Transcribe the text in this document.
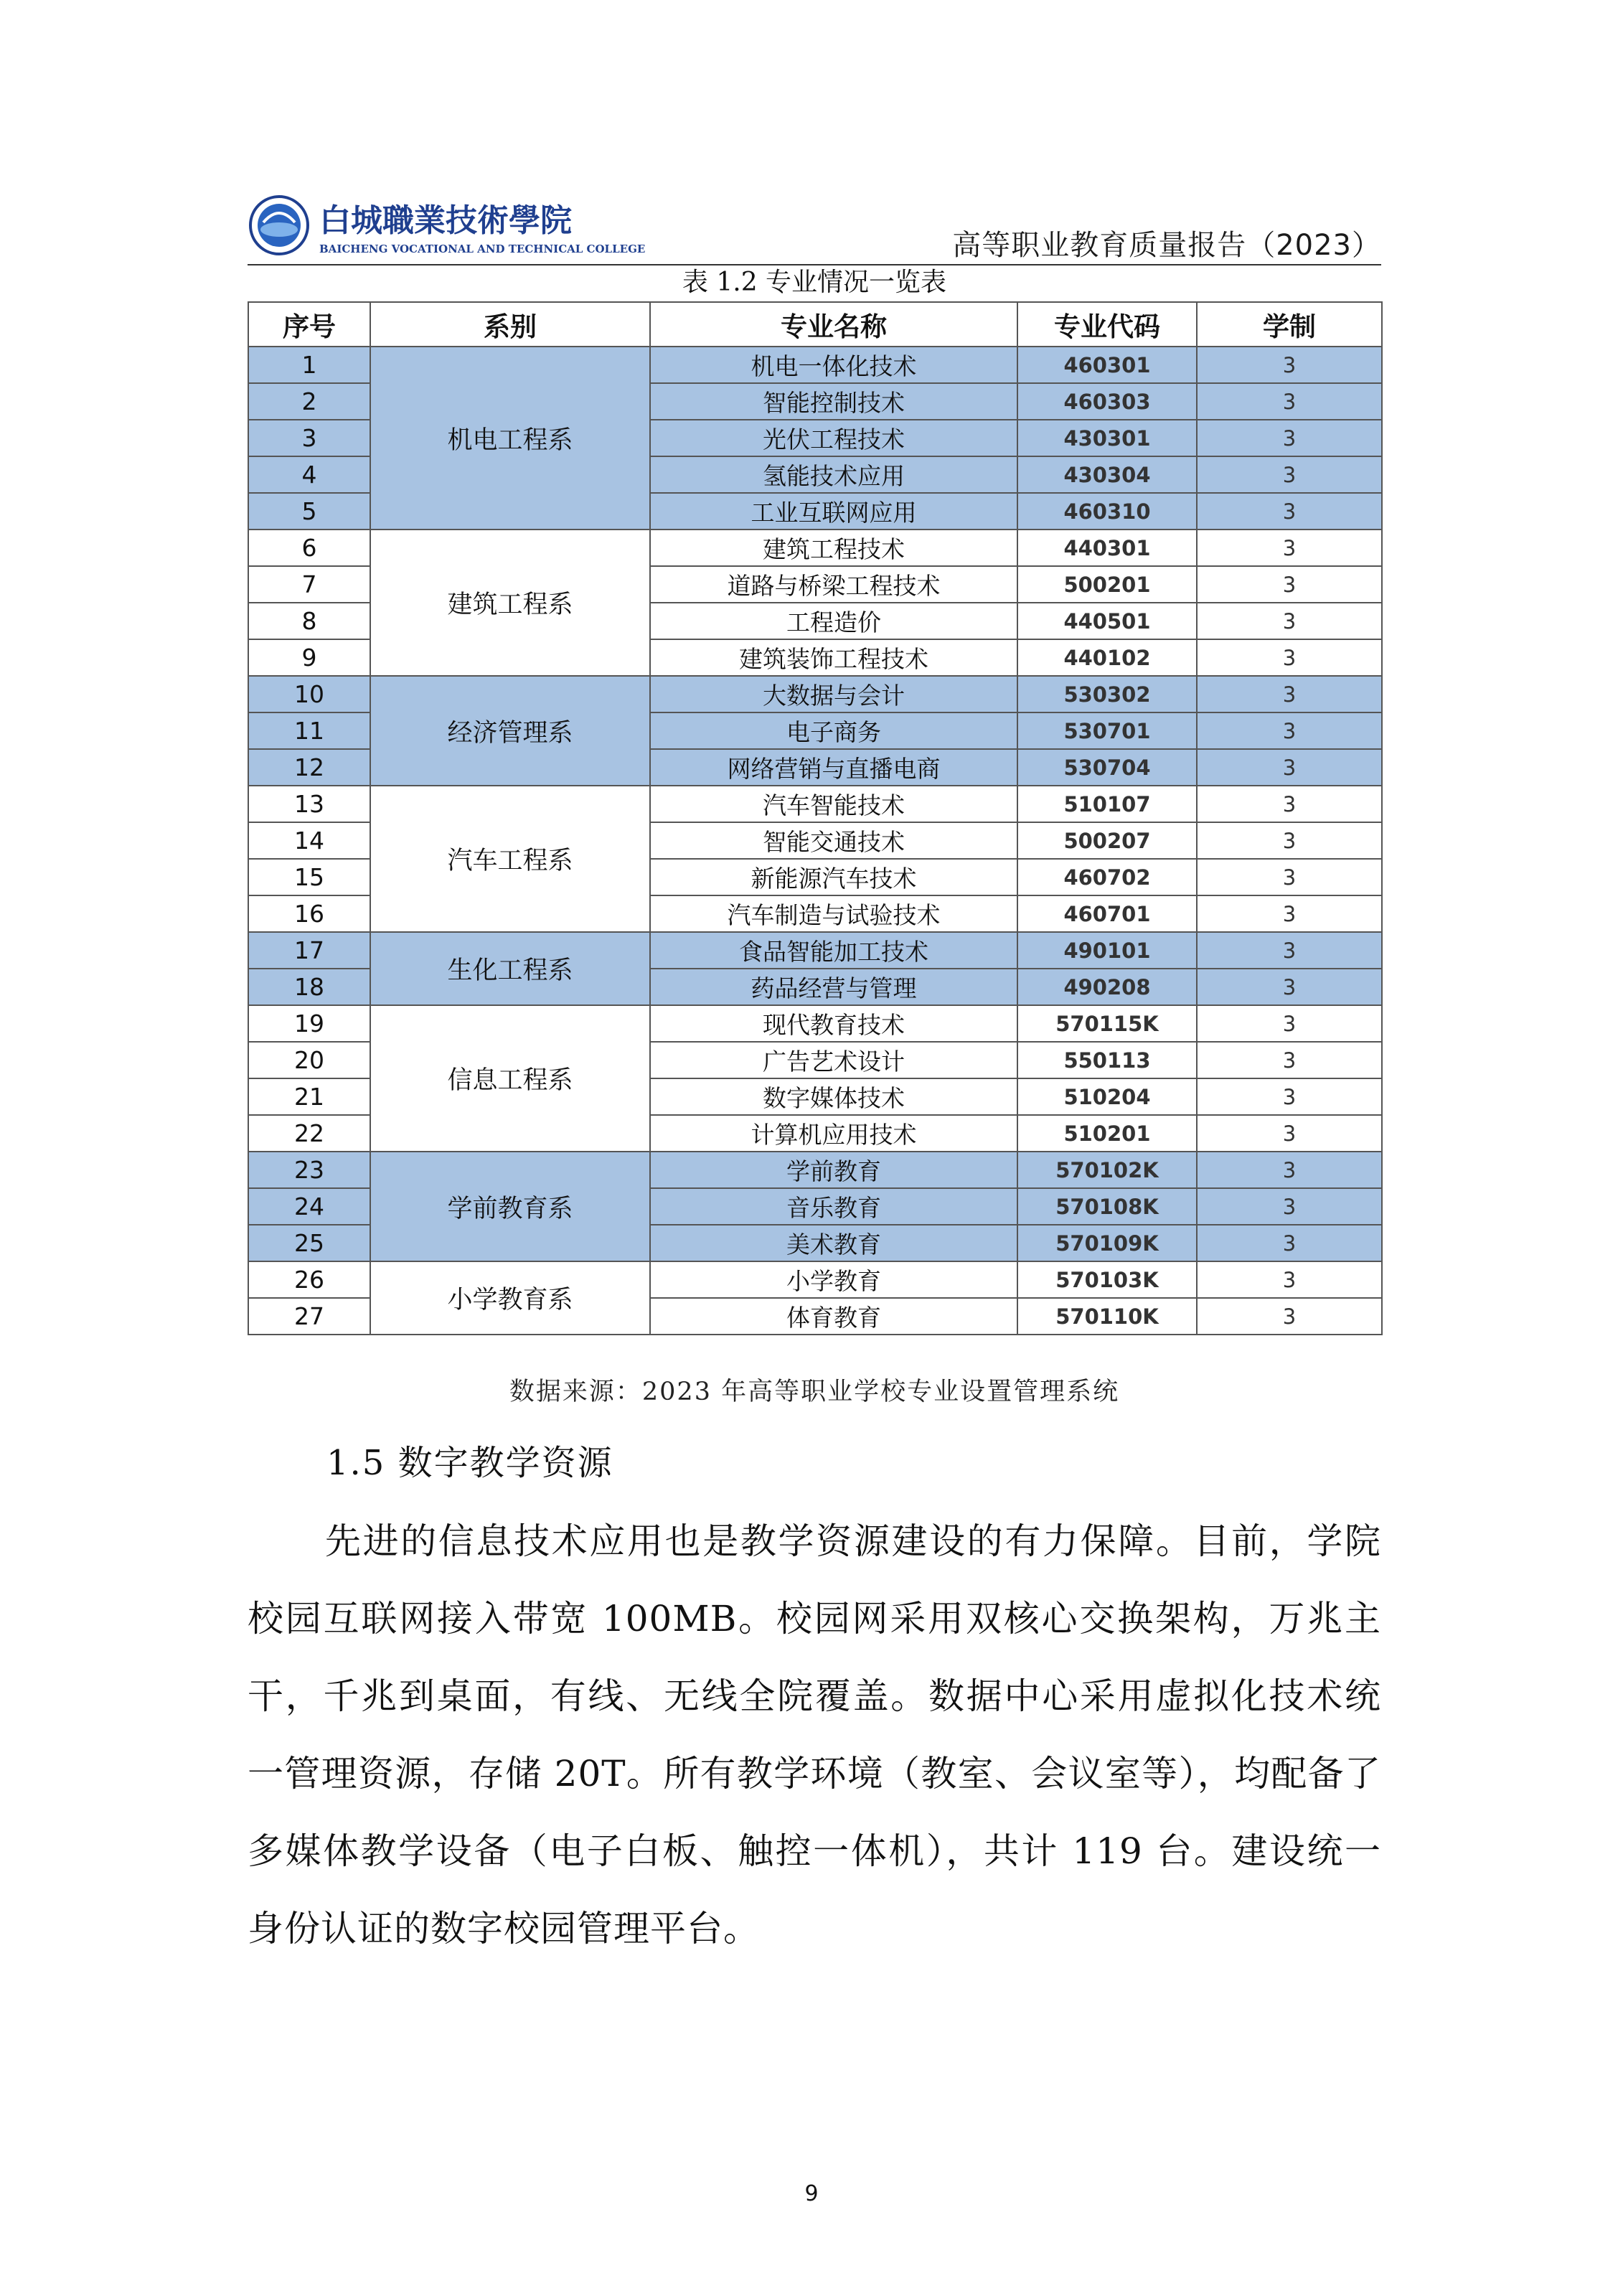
白城職業技術學院
BAICHENG VOCATIONAL AND TECHNICAL COLLEGE	高等职业教育质量报告（2023）
表 1.2 专业情况一览表
序号	系别	专业名称	专业代码	学制
1	机电工程系	机电一体化技术	460301	3
2		智能控制技术	460303	3
3		光伏工程技术	430301	3
4		氢能技术应用	430304	3
5		工业互联网应用	460310	3
6	建筑工程系	建筑工程技术	440301	3
7		道路与桥梁工程技术	500201	3
8		工程造价	440501	3
9		建筑装饰工程技术	440102	3
10	经济管理系	大数据与会计	530302	3
11		电子商务	530701	3
12		网络营销与直播电商	530704	3
13	汽车工程系	汽车智能技术	510107	3
14		智能交通技术	500207	3
15		新能源汽车技术	460702	3
16		汽车制造与试验技术	460701	3
17	生化工程系	食品智能加工技术	490101	3
18		药品经营与管理	490208	3
19	信息工程系	现代教育技术	570115K	3
20		广告艺术设计	550113	3
21		数字媒体技术	510204	3
22		计算机应用技术	510201	3
23	学前教育系	学前教育	570102K	3
24		音乐教育	570108K	3
25		美术教育	570109K	3
26	小学教育系	小学教育	570103K	3
27		体育教育	570110K	3
数据来源：2023 年高等职业学校专业设置管理系统
1.5 数字教学资源
先进的信息技术应用也是教学资源建设的有力保障。目前，学院校园互联网接入带宽 100MB。校园网采用双核心交换架构，万兆主干，千兆到桌面，有线、无线全院覆盖。数据中心采用虚拟化技术统一管理资源，存储 20T。所有教学环境（教室、会议室等），均配备了多媒体教学设备（电子白板、触控一体机），共计 119 台。建设统一身份认证的数字校园管理平台。
9
